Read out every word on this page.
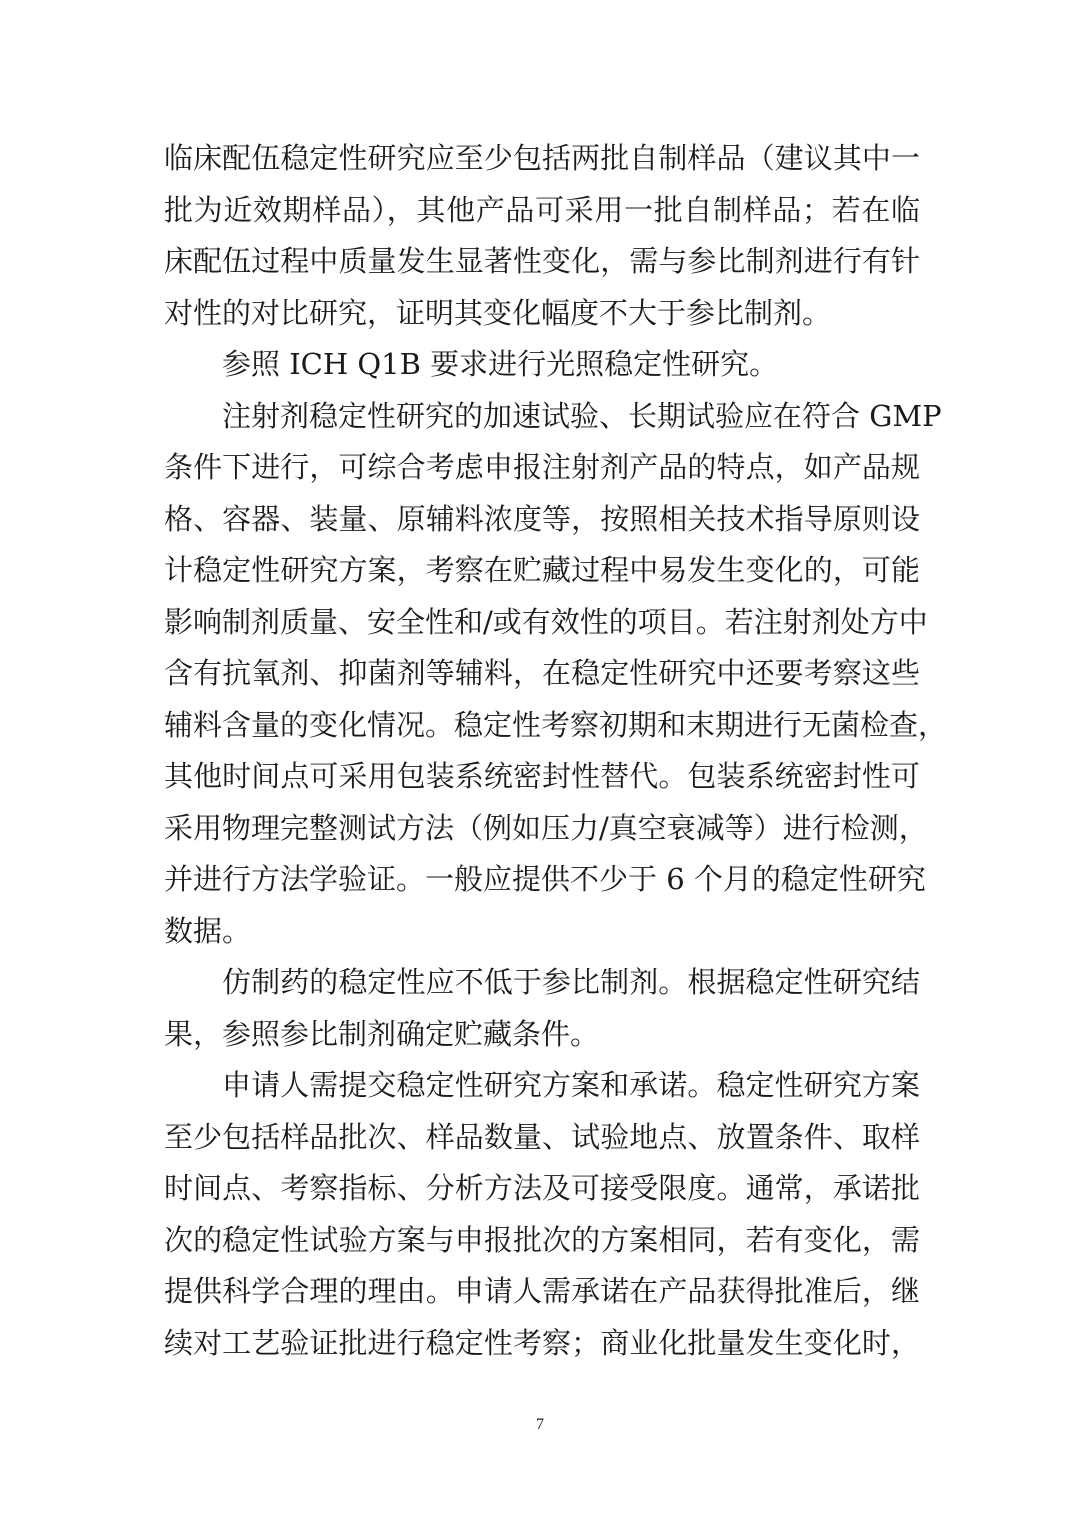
临床配伍稳定性研究应至少包括两批自制样品（建议其中一
批为近效期样品），其他产品可采用一批自制样品；若在临
床配伍过程中质量发生显著性变化，需与参比制剂进行有针
对性的对比研究，证明其变化幅度不大于参比制剂。
参照 ICH Q1B 要求进行光照稳定性研究。
注射剂稳定性研究的加速试验、长期试验应在符合 GMP
条件下进行，可综合考虑申报注射剂产品的特点，如产品规
格、容器、装量、原辅料浓度等，按照相关技术指导原则设
计稳定性研究方案，考察在贮藏过程中易发生变化的，可能
影响制剂质量、安全性和/或有效性的项目。若注射剂处方中
含有抗氧剂、抑菌剂等辅料，在稳定性研究中还要考察这些
辅料含量的变化情况。稳定性考察初期和末期进行无菌检查，
其他时间点可采用包装系统密封性替代。包装系统密封性可
采用物理完整测试方法（例如压力/真空衰减等）进行检测，
并进行方法学验证。一般应提供不少于 6 个月的稳定性研究
数据。
仿制药的稳定性应不低于参比制剂。根据稳定性研究结
果，参照参比制剂确定贮藏条件。
申请人需提交稳定性研究方案和承诺。稳定性研究方案
至少包括样品批次、样品数量、试验地点、放置条件、取样
时间点、考察指标、分析方法及可接受限度。通常，承诺批
次的稳定性试验方案与申报批次的方案相同，若有变化，需
提供科学合理的理由。申请人需承诺在产品获得批准后，继
续对工艺验证批进行稳定性考察；商业化批量发生变化时，
7
